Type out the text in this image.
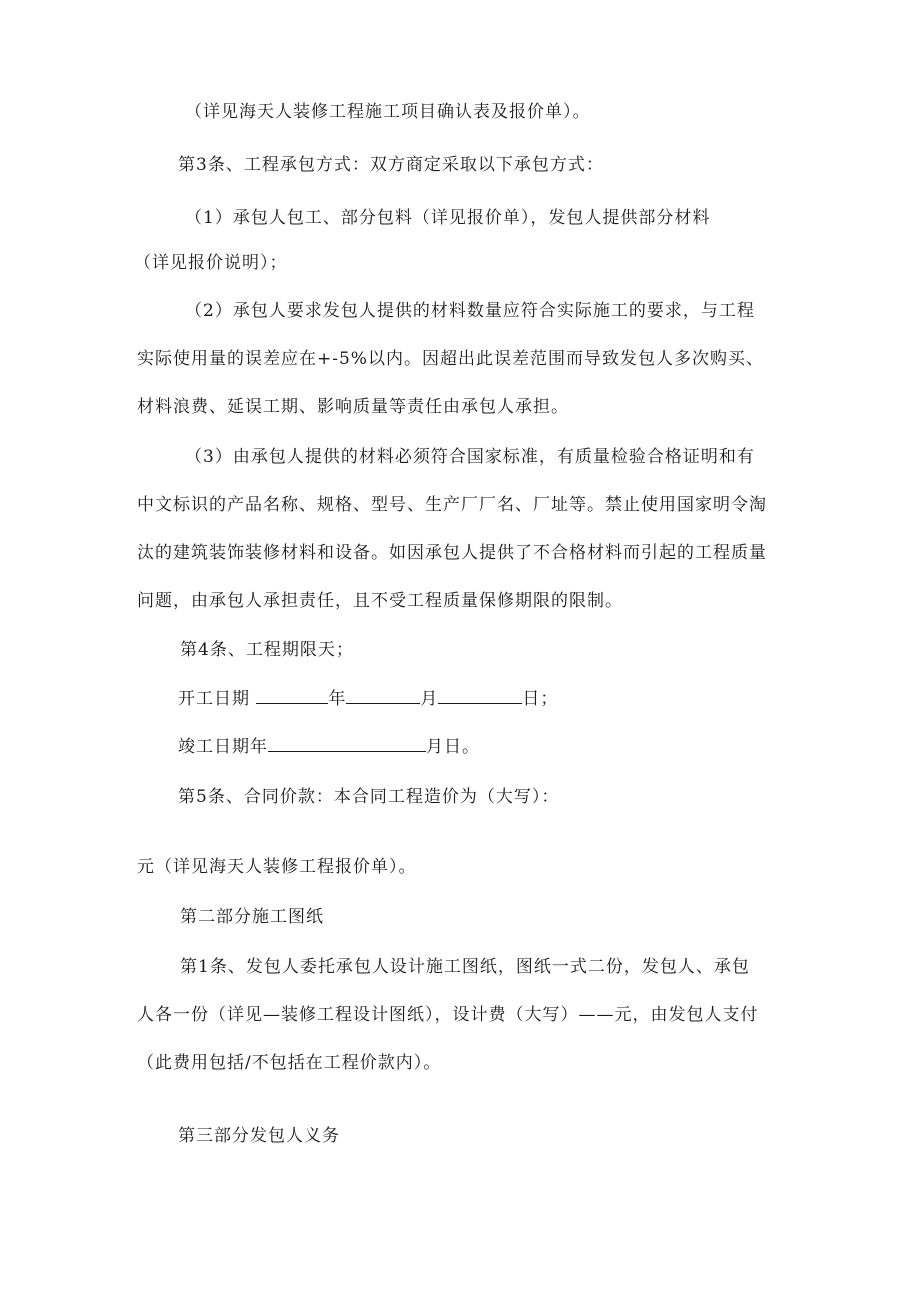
（详见海天人装修工程施工项目确认表及报价单）。
第3条、工程承包方式：双方商定采取以下承包方式：
（1）承包人包工、部分包料（详见报价单），发包人提供部分材料
（详见报价说明）；
（2）承包人要求发包人提供的材料数量应符合实际施工的要求，与工程
实际使用量的误差应在+-5%以内。因超出此误差范围而导致发包人多次购买、
材料浪费、延误工期、影响质量等责任由承包人承担。
（3）由承包人提供的材料必须符合国家标准，有质量检验合格证明和有
中文标识的产品名称、规格、型号、生产厂厂名、厂址等。禁止使用国家明令淘
汰的建筑装饰装修材料和设备。如因承包人提供了不合格材料而引起的工程质量
问题，由承包人承担责任，且不受工程质量保修期限的限制。
第4条、工程期限天；
开工日期	年	月	日；
竣工日期年	月日。
第5条、合同价款：本合同工程造价为（大写）：
元（详见海天人装修工程报价单）。
第二部分施工图纸
第1条、发包人委托承包人设计施工图纸，图纸一式二份，发包人、承包
人各一份（详见—装修工程设计图纸），设计费（大写）——元，由发包人支付
（此费用包括/不包括在工程价款内）。
第三部分发包人义务
